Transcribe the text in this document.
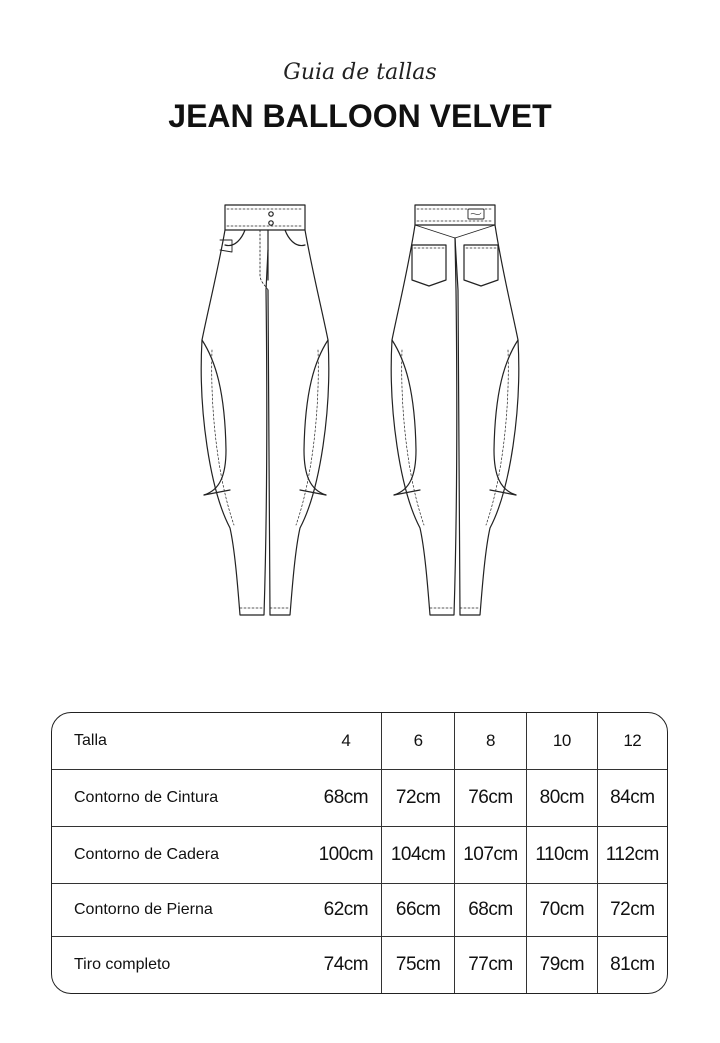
Guia de tallas
JEAN BALLOON VELVET
Talla	4	6	8	10	12
Contorno de Cintura	68cm	72cm	76cm	80cm	84cm
Contorno de Cadera	100cm	104cm	107cm	110cm	112cm
Contorno de Pierna	62cm	66cm	68cm	70cm	72cm
Tiro completo	74cm	75cm	77cm	79cm	81cm
